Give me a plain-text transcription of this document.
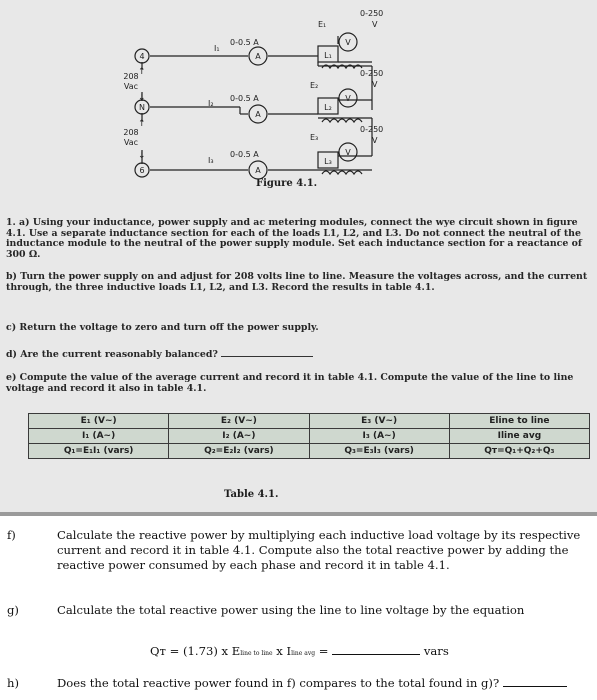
4
N
6
A
A
A
V
V
V
208
Vac
208
Vac
0-250
0-250
0-250
V
V
V
0-0.5 A
0-0.5 A
0-0.5 A
I₁
I₂
I₃
E₁
E₂
E₃
L₁
L₂
L₃
↑
↓
↑
↓
Figure 4.1.
1. a) Using your inductance, power supply and ac metering modules, connect the wye circuit shown in figure 4.1. Use a separate inductance section for each of the loads L1, L2, and L3. Do not connect the neutral of the inductance module to the neutral of the power supply module. Set each inductance section for a reactance of 300 Ω.
b) Turn the power supply on and adjust for 208 volts line to line. Measure the voltages across, and the current through, the three inductive loads L1, L2, and L3. Record the results in table 4.1.
c) Return the voltage to zero and turn off the power supply.
d) Are the current reasonably balanced?
e) Compute the value of the average current and record it in table 4.1. Compute the value of the line to line voltage and record it also in table 4.1.
E₁ (V~)	E₂ (V~)	E₃ (V~)	Eline to line
I₁ (A~)	I₂ (A~)	I₃ (A~)	Iline avg
Q₁=E₁I₁ (vars)	Q₂=E₂I₂ (vars)	Q₃=E₃I₃ (vars)	Qт=Q₁+Q₂+Q₃
Table 4.1.
f)	Calculate the reactive power by multiplying each inductive load voltage by its respective current and record it in table 4.1. Compute also the total reactive power by adding the reactive power consumed by each phase and record it in table 4.1.
g)	Calculate the total reactive power using the line to line voltage by the equation
Qт = (1.73) x Eline to line x Iline avg =	vars
h)	Does the total reactive power found in f) compares to the total found in g)?
